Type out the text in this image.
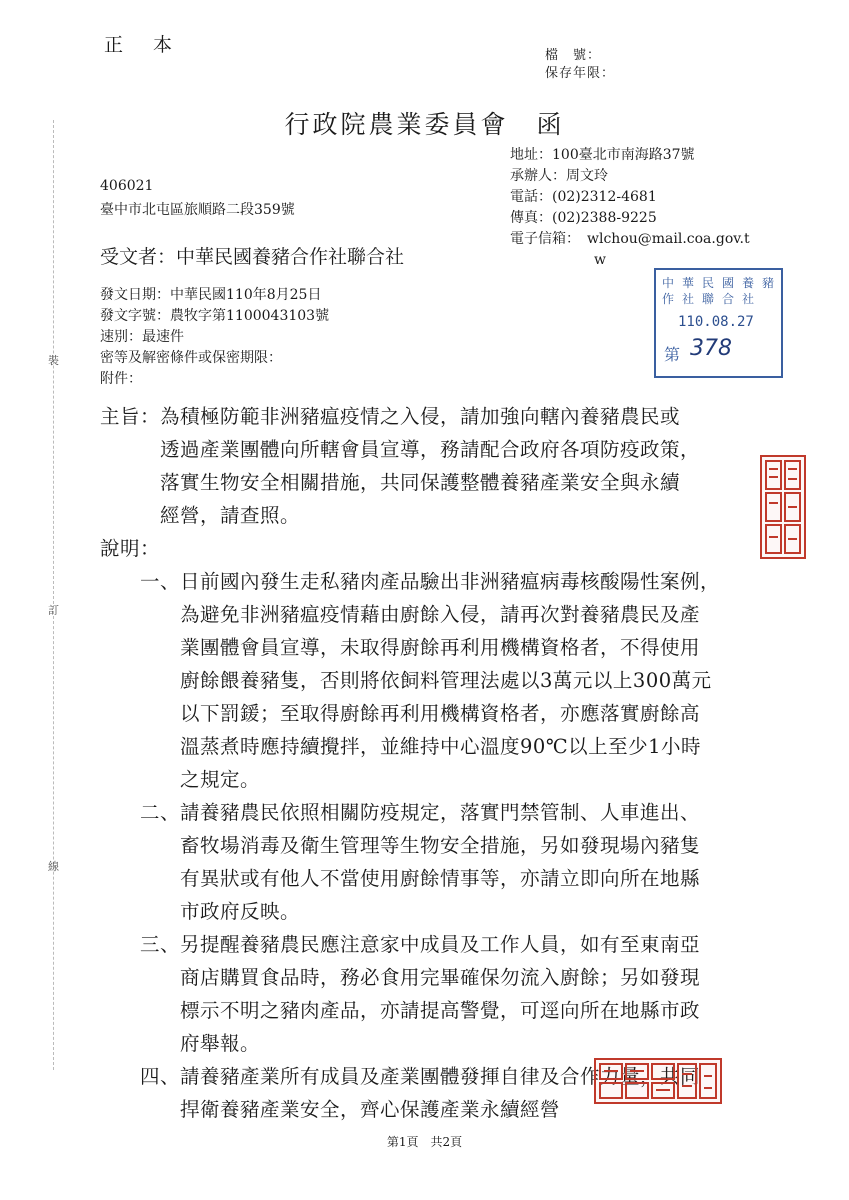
正 本	檔　號：
保存年限：
行政院農業委員會　函
地址：100臺北市南海路37號
承辦人：周文玲
電話：(02)2312-4681
傳真：(02)2388-9225
電子信箱：　wlchou@mail.coa.gov.t
　　　　　　w
406021
臺中市北屯區旅順路二段359號
受文者：中華民國養豬合作社聯合社
發文日期：中華民國110年8月25日
發文字號：農牧字第1100043103號
速別：最速件
密等及解密條件或保密期限：
附件：
中華民國養豬
作社聯合社
110.08.27
第 378
主旨：為積極防範非洲豬瘟疫情之入侵，請加強向轄內養豬農民或
　　　透過產業團體向所轄會員宣導，務請配合政府各項防疫政策，
　　　落實生物安全相關措施，共同保護整體養豬產業安全與永續
　　　經營，請查照。
說明：
　　一、日前國內發生走私豬肉產品驗出非洲豬瘟病毒核酸陽性案例，
　　　　為避免非洲豬瘟疫情藉由廚餘入侵，請再次對養豬農民及產
　　　　業團體會員宣導，未取得廚餘再利用機構資格者，不得使用
　　　　廚餘餵養豬隻，否則將依飼料管理法處以3萬元以上300萬元
　　　　以下罰鍰；至取得廚餘再利用機構資格者，亦應落實廚餘高
　　　　溫蒸煮時應持續攪拌，並維持中心溫度90℃以上至少1小時
　　　　之規定。
　　二、請養豬農民依照相關防疫規定，落實門禁管制、人車進出、
　　　　畜牧場消毒及衛生管理等生物安全措施，另如發現場內豬隻
　　　　有異狀或有他人不當使用廚餘情事等，亦請立即向所在地縣
　　　　市政府反映。
　　三、另提醒養豬農民應注意家中成員及工作人員，如有至東南亞
　　　　商店購買食品時，務必食用完畢確保勿流入廚餘；另如發現
　　　　標示不明之豬肉產品，亦請提高警覺，可逕向所在地縣市政
　　　　府舉報。
　　四、請養豬產業所有成員及產業團體發揮自律及合作力量，共同
　　　　捍衛養豬產業安全，齊心保護產業永續經營
裝
訂
線
第1頁　共2頁
